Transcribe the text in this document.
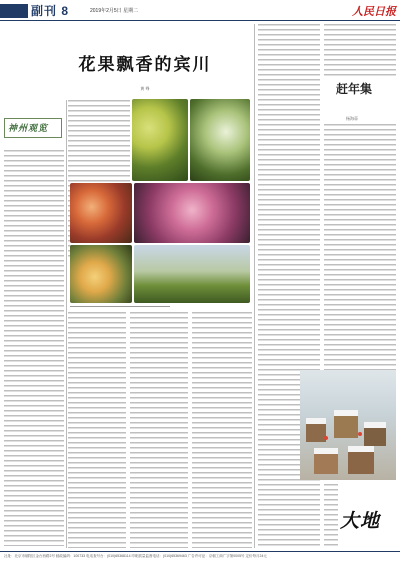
副刊 8	2019年2月5日 星期二	人民日报
花果飘香的宾川
黄 峥
神州观览
赶年集
杨海蒂
大地
社址：北京市朝阳区金台西路2号 邮政编码：100733 电话查号台：(010)65368114 印刷质量监督电话：(010)65369463 广告许可证：京朝工商广字第0005号 定价每月24元
